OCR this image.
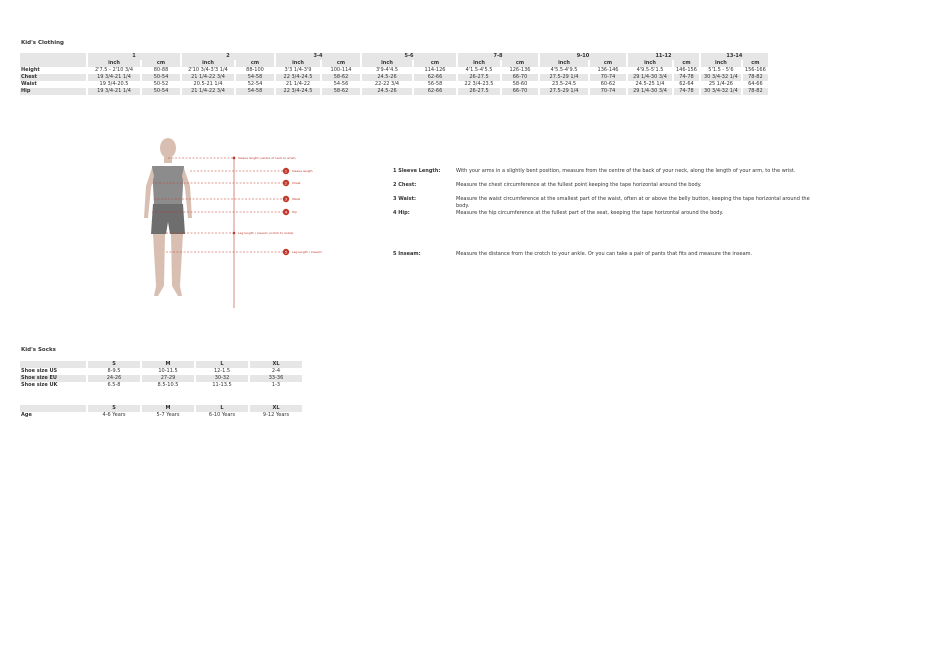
Kid's Clothing
	1		2		3-4		5-6		7-8		9-10		11-12		13-14	
	inch	cm	inch	cm	inch	cm	inch	cm	inch	cm	inch	cm	inch	cm	inch	cm
Height	2'7.5 - 2'10 3/4	80-88	2'10 3/4-3'3 1/4	88-100	3'3 1/4-3'9	100-114	3'9-4'4.5	114-126	4'1.5-4'5.5	126-136	4'5.5-4'9.5	136-146	4'9.5-5'1.5	146-156	5'1.5 - 5'6	156-166
Chest	19 3/4-21 1/4	50-54	21 1/4-22 3/4	54-58	22 3/4-24.5	58-62	24.5-26	62-66	26-27.5	66-70	27.5-29 1/4	70-74	29 1/4-30 3/4	74-78	30 3/4-32 1/4	78-82
Waist	19 3/4-20.5	50-52	20.5-21 1/4	52-54	21 1/4-22	54-56	22-22 3/4	56-58	22 3/4-23.5	58-60	23.5-24.5	60-62	24.5-25 1/4	62-64	25 1/4-26	64-66
Hip	19 3/4-21 1/4	50-54	21 1/4-22 3/4	54-58	22 3/4-24.5	58-62	24.5-26	62-66	26-27.5	66-70	27.5-29 1/4	70-74	29 1/4-30 3/4	74-78	30 3/4-32 1/4	78-82
1
2
3
4
5
Sleeve length (centre of neck to wrist)
Sleeve length
Chest
Waist
Hip
Leg length / inseam (crotch to ankle)
Leg length / inseam
1 Sleeve Length:	With your arms in a slightly bent position, measure from the centre of the back of your neck, along the length of your arm, to the wrist.
2 Chest:	Measure the chest circumference at the fullest point keeping the tape horizontal around the body.
3 Waist:	Measure the waist circumference at the smallest part of the waist, often at or above the belly button, keeping the tape horizontal around the body.
4 Hip:	Measure the hip circumference at the fullest part of the seat, keeping the tape horizontal around the body.
5 Inseam:	Measure the distance from the crotch to your ankle. Or you can take a pair of pants that fits and measure the inseam.
Kid's Socks
	S	M	L	XL
Shoe size US	8-9.5	10-11.5	12-1.5	2-4
Shoe size EU	24-26	27-29	30-32	33-36
Shoe size UK	6.5-8	8.5-10.5	11-13.5	1-3
	S	M	L	XL
Age	4-6 Years	5-7 Years	6-10 Years	9-12 Years
